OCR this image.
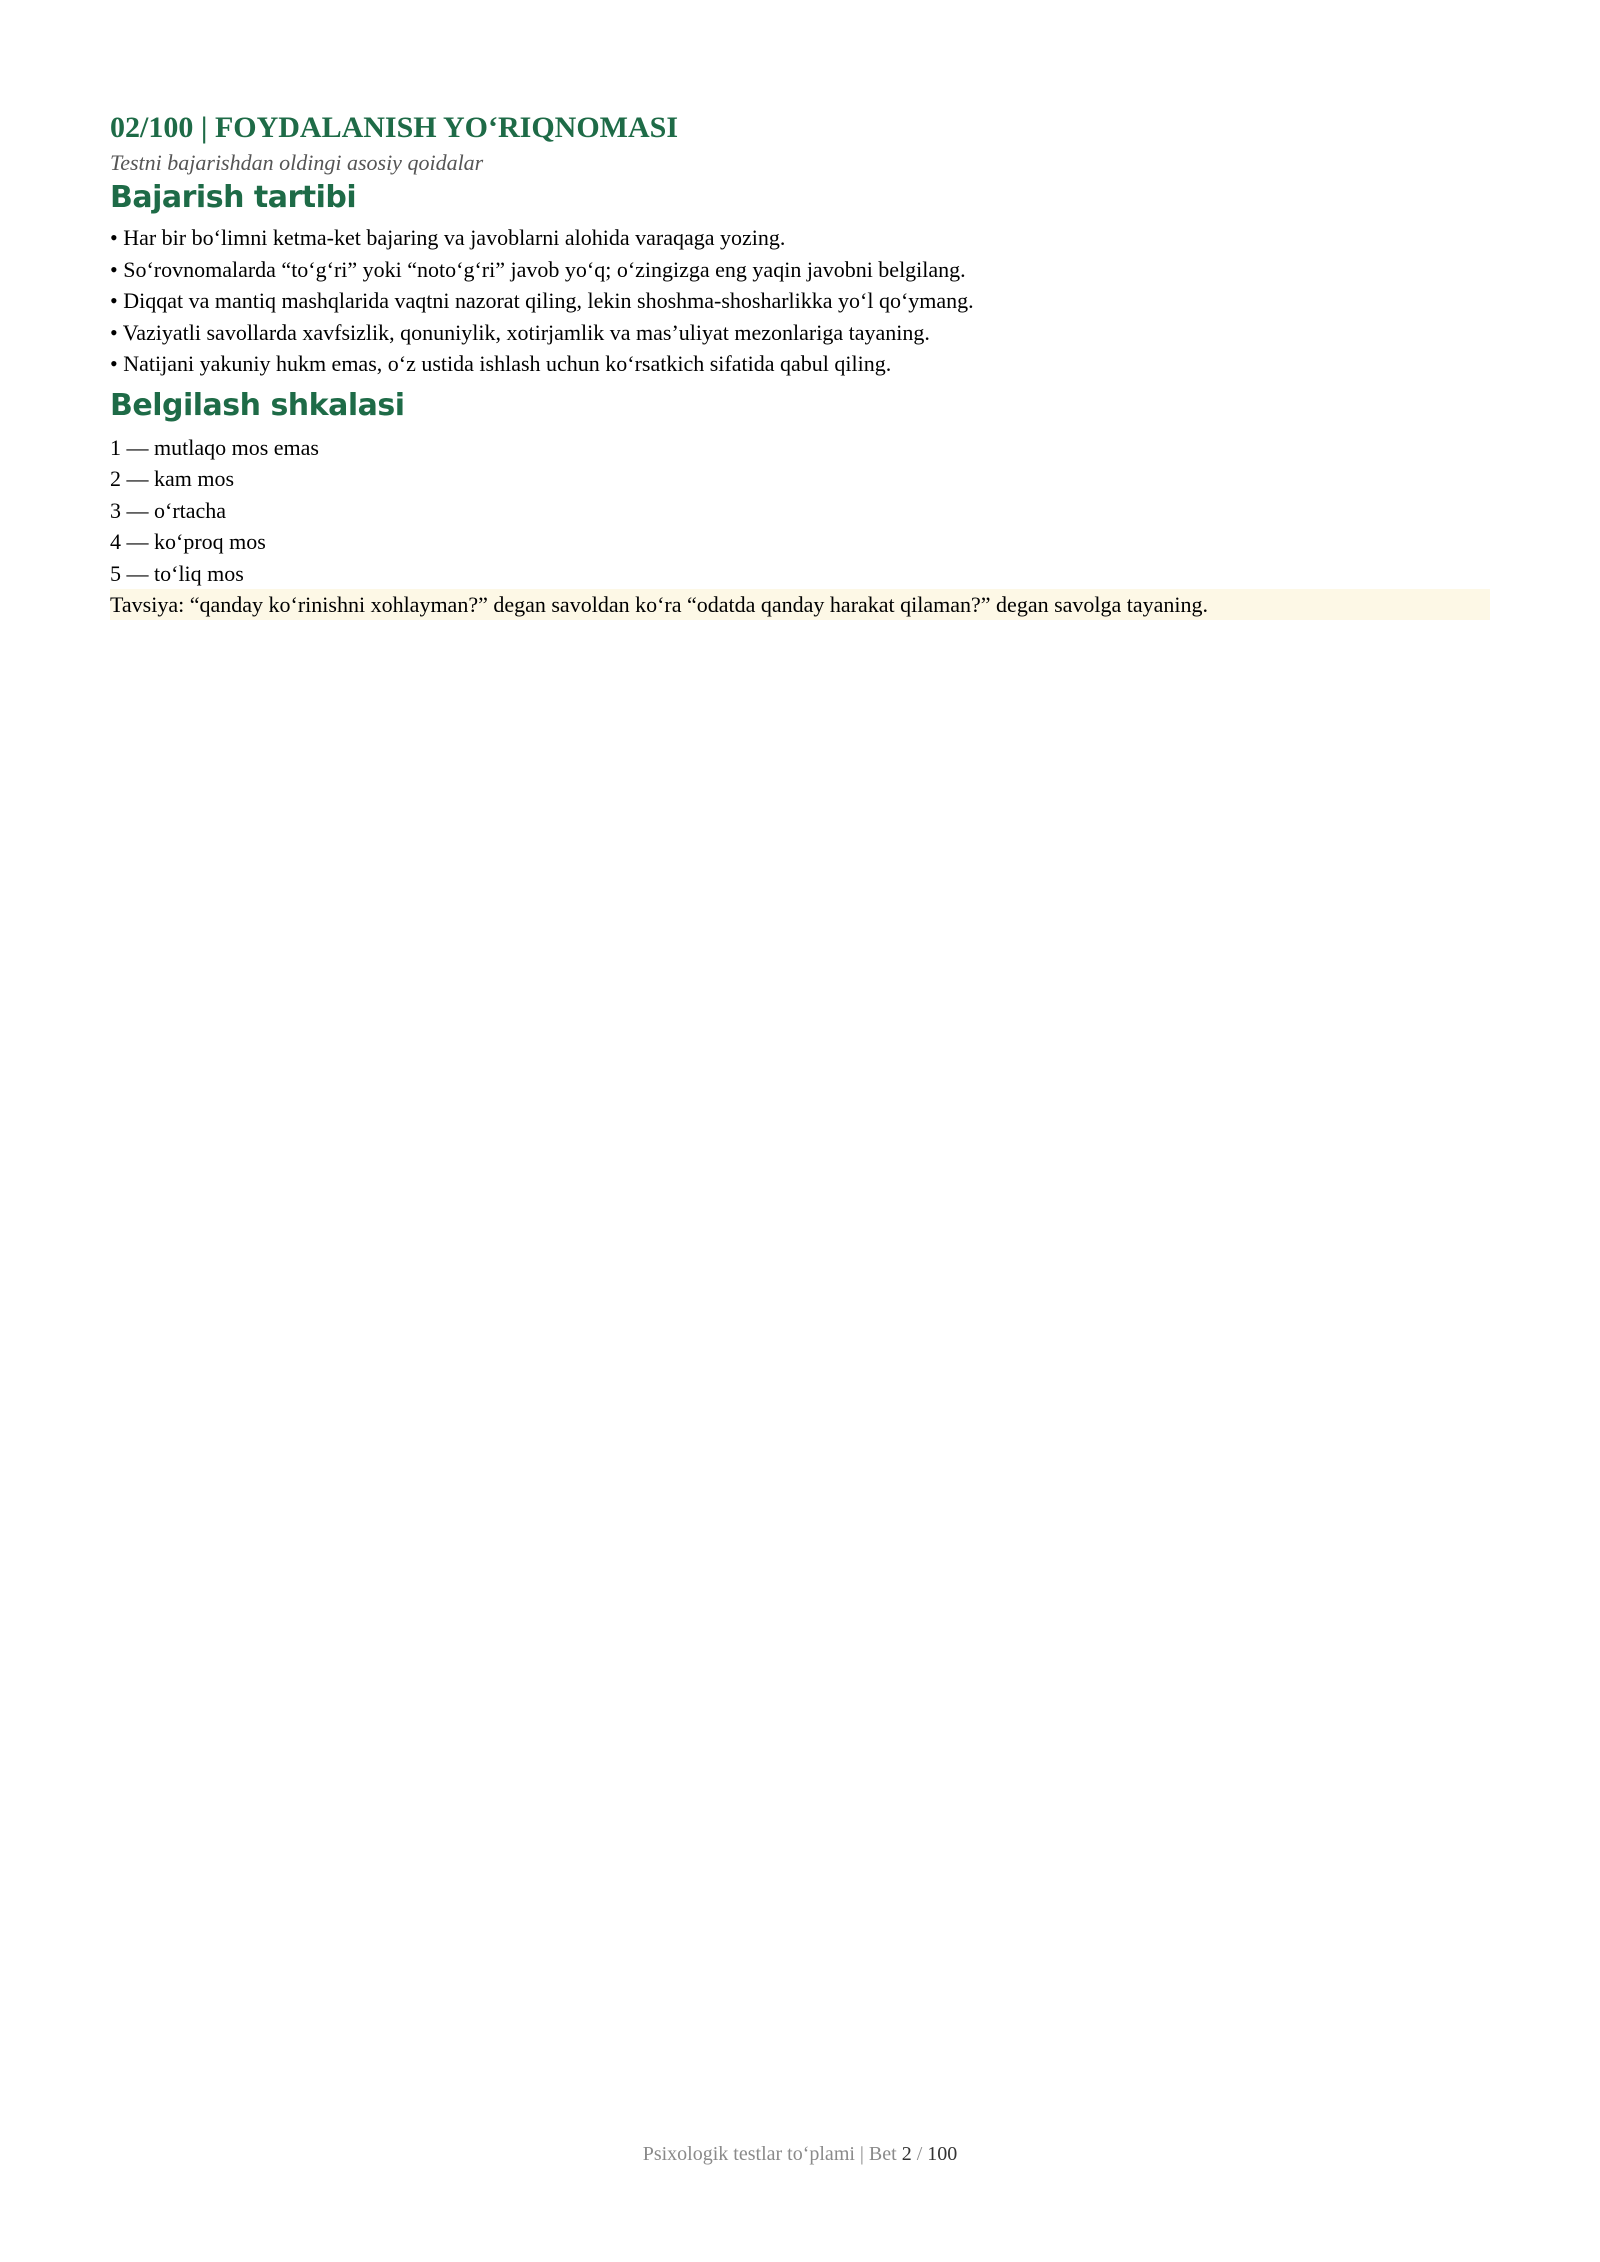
02/100 | FOYDALANISH YO‘RIQNOMASI
Testni bajarishdan oldingi asosiy qoidalar
Bajarish tartibi
• Har bir bo‘limni ketma-ket bajaring va javoblarni alohida varaqaga yozing.
• So‘rovnomalarda “to‘g‘ri” yoki “noto‘g‘ri” javob yo‘q; o‘zingizga eng yaqin javobni belgilang.
• Diqqat va mantiq mashqlarida vaqtni nazorat qiling, lekin shoshma-shosharlikka yo‘l qo‘ymang.
• Vaziyatli savollarda xavfsizlik, qonuniylik, xotirjamlik va mas’uliyat mezonlariga tayaning.
• Natijani yakuniy hukm emas, o‘z ustida ishlash uchun ko‘rsatkich sifatida qabul qiling.
Belgilash shkalasi
1 — mutlaqo mos emas
2 — kam mos
3 — o‘rtacha
4 — ko‘proq mos
5 — to‘liq mos

Tavsiya: “qanday ko‘rinishni xohlayman?” degan savoldan ko‘ra “odatda qanday harakat qilaman?” degan savolga tayaning.

Psixologik testlar to‘plami | Bet 2 / 100
